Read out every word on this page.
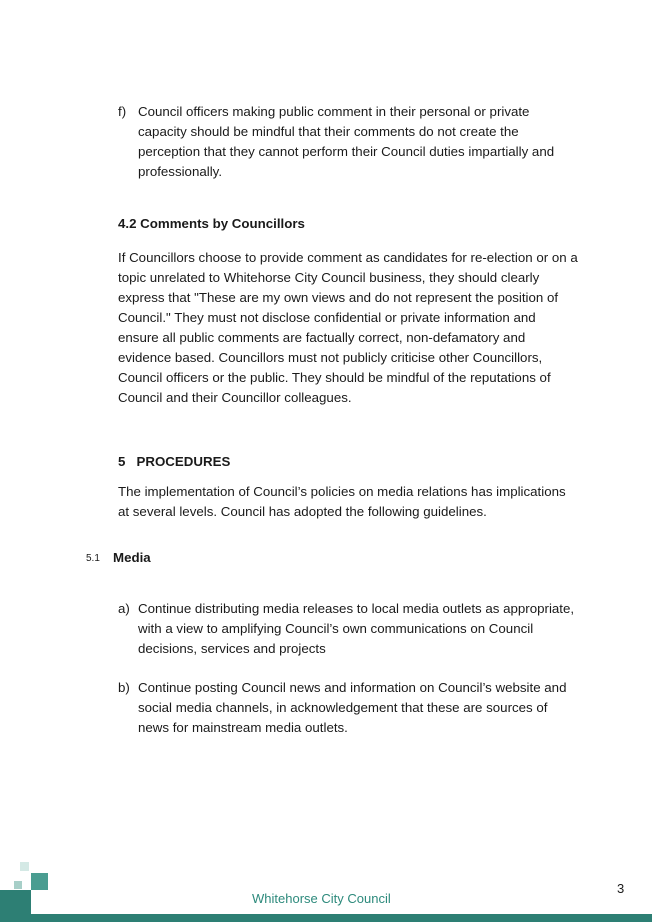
f) Council officers making public comment in their personal or private
capacity should be mindful that their comments do not create the
perception that they cannot perform their Council duties impartially and
professionally.
4.2 Comments by Councillors
If Councillors choose to provide comment as candidates for re-election or on a
topic unrelated to Whitehorse City Council business, they should clearly
express that "These are my own views and do not represent the position of
Council." They must not disclose confidential or private information and
ensure all public comments are factually correct, non-defamatory and
evidence based. Councillors must not publicly criticise other Councillors,
Council officers or the public. They should be mindful of the reputations of
Council and their Councillor colleagues.
5   PROCEDURES
The implementation of Council’s policies on media relations has implications
at several levels. Council has adopted the following guidelines.
5.1 Media
a) Continue distributing media releases to local media outlets as appropriate,
with a view to amplifying Council’s own communications on Council
decisions, services and projects
b) Continue posting Council news and information on Council’s website and
social media channels, in acknowledgement that these are sources of
news for mainstream media outlets.
Whitehorse City Council
3
